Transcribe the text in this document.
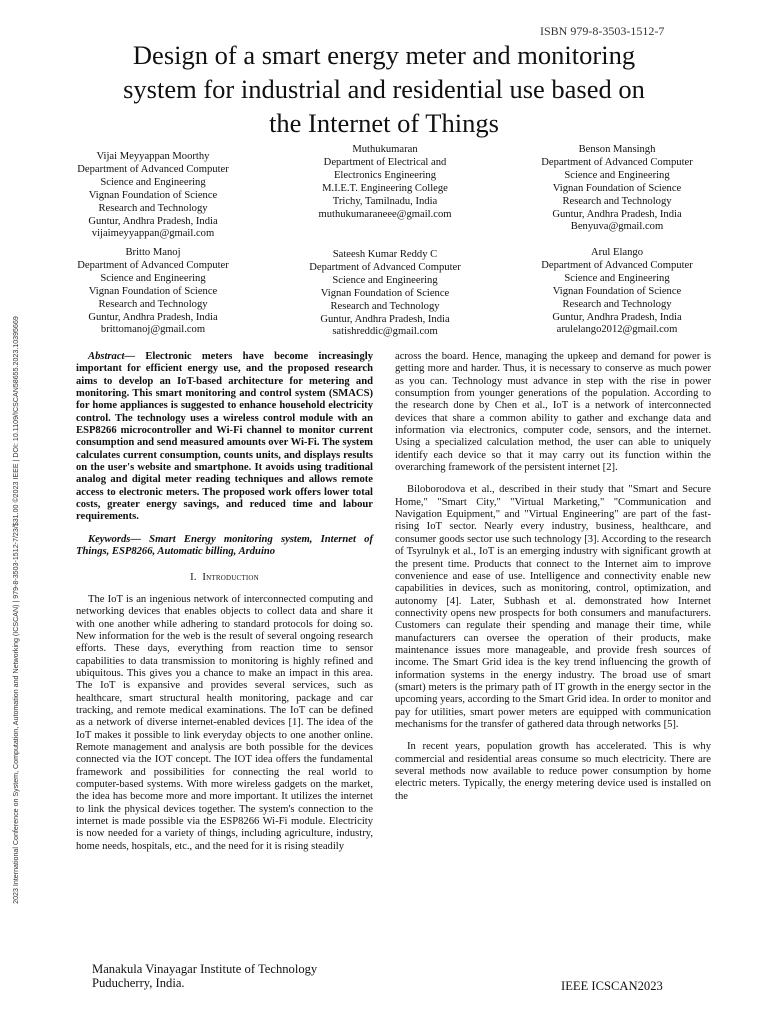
ISBN 979-8-3503-1512-7
Design of a smart energy meter and monitoring
system for industrial and residential use based on
the Internet of Things
Vijai Meyyappan Moorthy
Department of Advanced Computer
Science and Engineering
Vignan Foundation of Science
Research and Technology
Guntur, Andhra Pradesh, India
vijaimeyyappan@gmail.com
Muthukumaran
Department of Electrical and
Electronics Engineering
M.I.E.T. Engineering College
Trichy, Tamilnadu, India
muthukumaraneee@gmail.com
Benson Mansingh
Department of Advanced Computer
Science and Engineering
Vignan Foundation of Science
Research and Technology
Guntur, Andhra Pradesh, India
Benyuva@gmail.com
Britto Manoj
Department of Advanced Computer
Science and Engineering
Vignan Foundation of Science
Research and Technology
Guntur, Andhra Pradesh, India
brittomanoj@gmail.com
Sateesh Kumar Reddy C
Department of Advanced Computer
Science and Engineering
Vignan Foundation of Science
Research and Technology
Guntur, Andhra Pradesh, India
satishreddic@gmail.com
Arul Elango
Department of Advanced Computer
Science and Engineering
Vignan Foundation of Science
Research and Technology
Guntur, Andhra Pradesh, India
arulelango2012@gmail.com
2023 International Conference on System, Computation, Automation and Networking (ICSCAN) | 979-8-3503-1512-7/23/$31.00 ©2023 IEEE | DOI: 10.1109/ICSCAN58655.2023.10395669	Abstract— Electronic meters have become increasingly important for efficient energy use, and the proposed research aims to develop an IoT-based architecture for metering and monitoring. This smart monitoring and control system (SMACS) for home appliances is suggested to enhance household electricity control. The technology uses a wireless control module with an ESP8266 microcontroller and Wi-Fi channel to monitor current consumption and send measured amounts over Wi-Fi. The system calculates current consumption, counts units, and displays results on the user's website and smartphone. It avoids using traditional analog and digital meter reading techniques and allows remote access to electronic meters. The proposed work offers lower total costs, greater energy savings, and reduced time and labour requirements.

Keywords— Smart Energy monitoring system, Internet of Things, ESP8266, Automatic billing, Arduino

I. Introduction

The IoT is an ingenious network of interconnected computing and networking devices that enables objects to collect data and share it with one another while adhering to standard protocols for doing so. New information for the web is the result of several ongoing research efforts. These days, everything from reaction time to sensor capabilities to data transmission to monitoring is highly refined and ubiquitous. This gives you a chance to make an impact in this area. The IoT is expansive and provides several services, such as healthcare, smart structural health monitoring, package and car tracking, and remote medical examinations. The IoT can be defined as a network of diverse internet-enabled devices [1]. The idea of the IoT makes it possible to link everyday objects to one another online. Remote management and analysis are both possible for the devices connected via the IOT concept. The IOT idea offers the fundamental framework and possibilities for connecting the real world to computer-based systems. With more wireless gadgets on the market, the idea has become more and more important. It utilizes the internet to link the physical devices together. The system's connection to the internet is made possible via the ESP8266 Wi-Fi module. Electricity is now needed for a variety of things, including agriculture, industry, home needs, hospitals, etc., and the need for it is rising steadily

across the board. Hence, managing the upkeep and demand for power is getting more and harder. Thus, it is necessary to conserve as much power as you can. Technology must advance in step with the rise in power consumption from younger generations of the population. According to the research done by Chen et al., IoT is a network of interconnected devices that share a common ability to gather and exchange data and information via electronics, computer code, sensors, and the internet. Using a specialized calculation method, the user can able to uniquely identify each device so that it may carry out its function within the overarching framework of the persistent internet [2].

Biloborodova et al., described in their study that "Smart and Secure Home," "Smart City," "Virtual Marketing," "Communication and Navigation Equipment," and "Virtual Engineering" are part of the fast-rising IoT sector. Nearly every industry, business, healthcare, and consumer goods sector use such technology [3]. According to the research of Tsyrulnyk et al., IoT is an emerging industry with significant growth at the present time. Products that connect to the Internet aim to improve convenience and ease of use. Intelligence and connectivity enable new capabilities in devices, such as monitoring, control, optimization, and autonomy [4]. Later, Subhash et al. demonstrated how Internet connectivity opens new prospects for both consumers and manufacturers. Customers can regulate their spending and manage their time, while manufacturers can oversee the operation of their products, make maintenance issues more manageable, and provide fresh sources of income. The Smart Grid idea is the key trend influencing the growth of information systems in the energy industry. The broad use of smart (smart) meters is the primary path of IT growth in the energy sector in the upcoming years, according to the Smart Grid idea. In order to monitor and pay for utilities, smart power meters are equipped with communication mechanisms for the transfer of gathered data through networks [5].

In recent years, population growth has accelerated. This is why commercial and residential areas consume so much electricity. There are several methods now available to reduce power consumption by home electric meters. Typically, the energy metering device used is installed on the

Manakula Vinayagar Institute of Technology
Puducherry, India.	IEEE ICSCAN2023
